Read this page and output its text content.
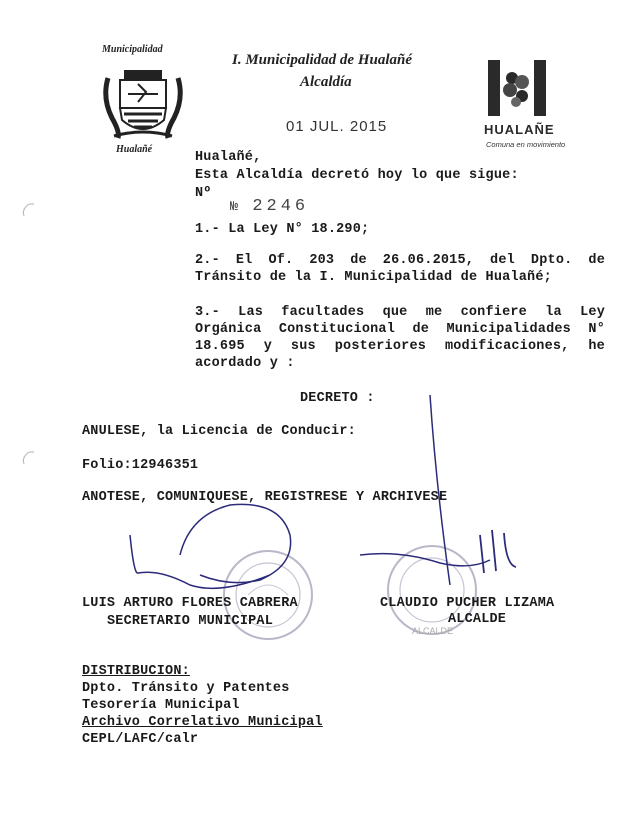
Municipalidad
Hualañé
I. Municipalidad de Hualañé
Alcaldía
01 JUL. 2015	HUALAÑE
Comuna en movimiento
Hualañé,
Esta Alcaldía decretó hoy lo que sigue:
Nº
№ 2246
1.- La Ley N° 18.290;
2.- El Of. 203 de 26.06.2015, del Dpto. de
Tránsito de la I. Municipalidad de Hualañé;
3.- Las facultades que me confiere la Ley
Orgánica Constitucional de Municipalidades N°
18.695 y sus posteriores modificaciones, he
acordado y :
DECRETO :
ANULESE, la Licencia de Conducir:
Folio:12946351
ANOTESE, COMUNIQUESE, REGISTRESE Y ARCHIVESE
ALCALDE
LUIS ARTURO FLORES CABRERA
SECRETARIO MUNICIPAL
CLAUDIO PUCHER LIZAMA
ALCALDE
DISTRIBUCION:
Dpto. Tránsito y Patentes
Tesorería Municipal
Archivo Correlativo Municipal
CEPL/LAFC/calr
